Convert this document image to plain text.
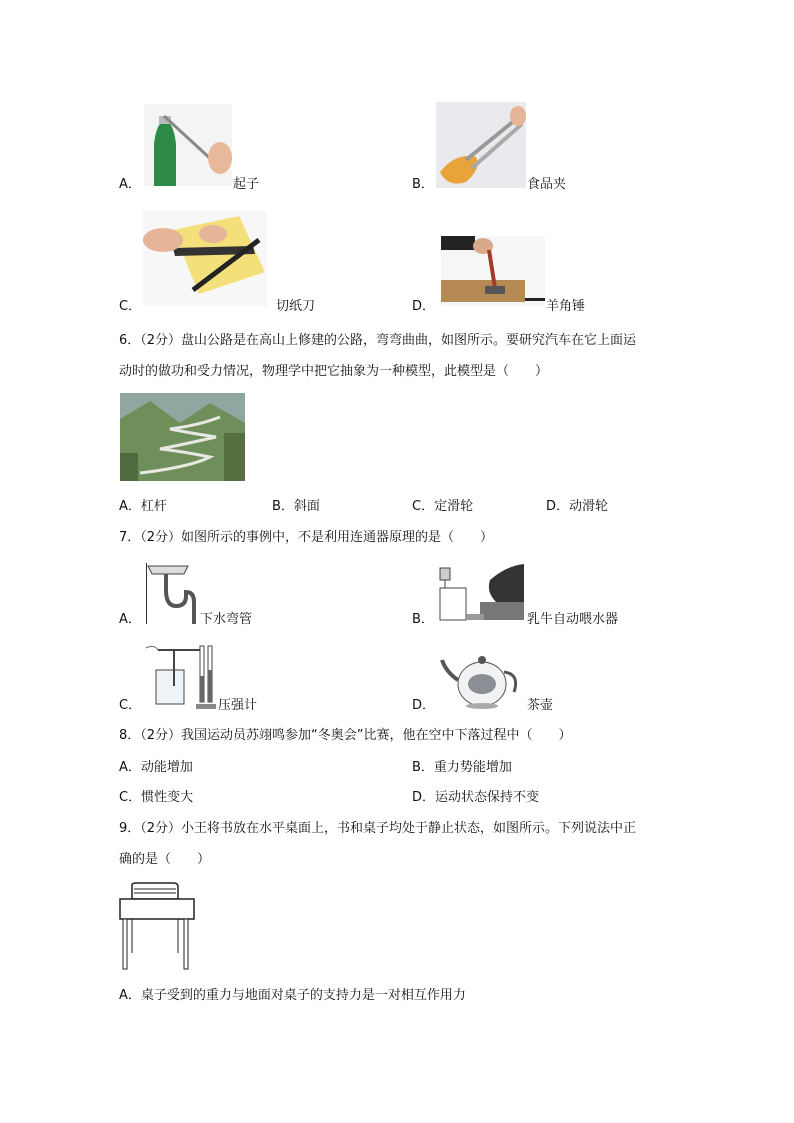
A．	起子	B．	食品夹
C．	切纸刀	D．	羊角锤
6．（2分）盘山公路是在高山上修建的公路，弯弯曲曲，如图所示。要研究汽车在它上面运
动时的做功和受力情况，物理学中把它抽象为一种模型，此模型是（　　）
A．杠杆	B．斜面	C．定滑轮	D．动滑轮
7．（2分）如图所示的事例中，不是利用连通器原理的是（　　）
A．	下水弯管	B．	乳牛自动喂水器
C．	压强计	D．	茶壶
8．（2分）我国运动员苏翊鸣参加“冬奥会”比赛，他在空中下落过程中（　　）
A．动能增加	B．重力势能增加
C．惯性变大	D．运动状态保持不变
9．（2分）小王将书放在水平桌面上，书和桌子均处于静止状态，如图所示。下列说法中正
确的是（　　）
A．桌子受到的重力与地面对桌子的支持力是一对相互作用力
